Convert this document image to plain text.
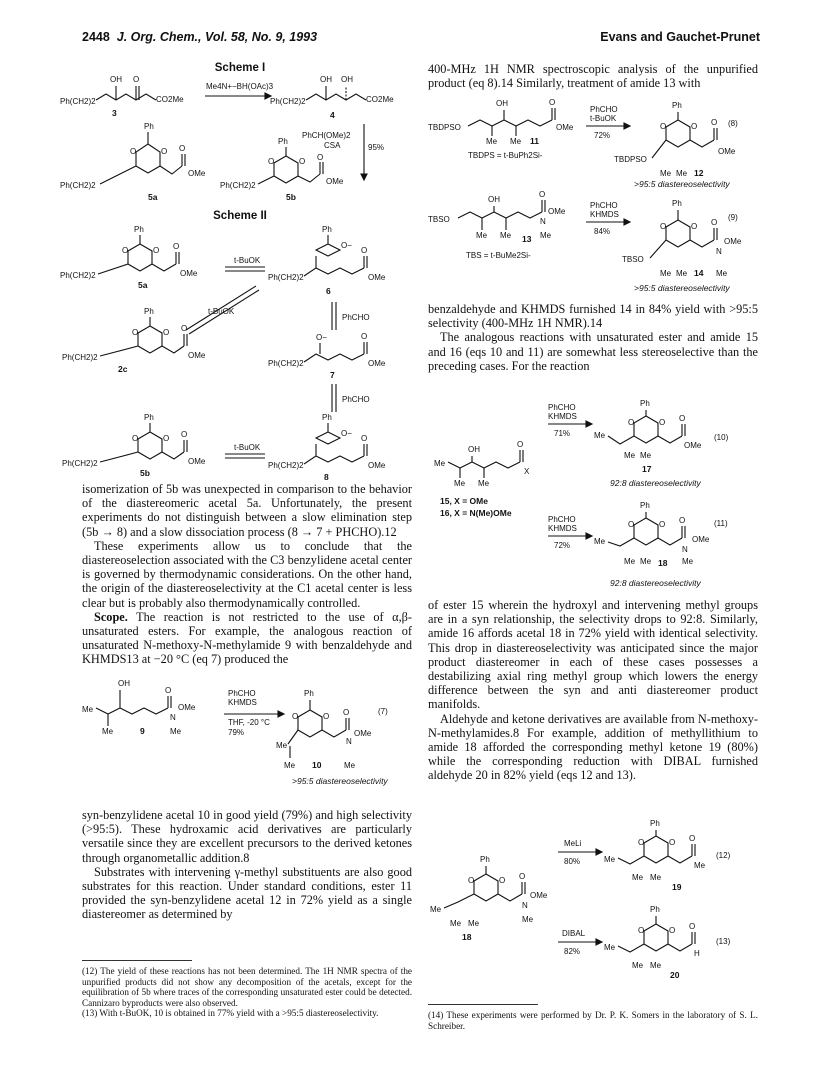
2448 J. Org. Chem., Vol. 58, No. 9, 1993	Evans and Gauchet-Prunet
Scheme I
Scheme II
Ph(CH2)2
OH O
CO2Me
3
Me4N+−BH(OAc)3
Ph(CH2)2
OH OH
CO2Me
4
PhCH(OMe)2
CSA	95%
Ph
O	O
Ph(CH2)2
O
OMe
5a
Ph
O	O
Ph(CH2)2
O
OMe
5b
Ph
O	O
Ph(CH2)2
O
OMe
5a
t-BuOK
Ph
O−
Ph(CH2)2
O
OMe
6
PhCHO
Ph
O	O
Ph(CH2)2
O
OMe
2c
t-BuOK
O−
Ph(CH2)2
O
OMe
7
PhCHO
Ph
O	O
Ph(CH2)2
O
OMe
5b
t-BuOK
Ph
O−
Ph(CH2)2
O
OMe
8

isomerization of 5b was unexpected in comparison to the behavior of the diastereomeric acetal 5a. Unfortunately, the present experiments do not distinguish between a slow elimination step (5b → 8) and a slow dissociation process (8 → 7 + PHCHO).12

These experiments allow us to conclude that the diastereoselection associated with the C3 benzylidene acetal center is governed by thermodynamic considerations. On the other hand, the origin of the diastereoselectivity at the C1 acetal center is less clear but is probably also thermodynamically controlled.

Scope. The reaction is not restricted to the use of α,β-unsaturated esters. For example, the analogous reaction of unsaturated N-methoxy-N-methylamide 9 with benzaldehyde and KHMDS13 at −20 °C (eq 7) produced the

OH
Me
Me
O
N
OMe
Me
9
PhCHO
KHMDS
THF, -20 °C
79%
Ph
O	O
Me
Me
O
N
OMe
Me
10
>95:5 diastereoselectivity
(7)

syn-benzylidene acetal 10 in good yield (79%) and high selectivity (>95:5). These hydroxamic acid derivatives are particularly versatile since they are excellent precursors to the derived ketones through organometallic addition.8

Substrates with intervening γ-methyl substituents are also good substrates for this reaction. Under standard conditions, ester 11 provided the syn-benzylidene acetal 12 in 72% yield as a single diastereomer as determined by

(12) The yield of these reactions has not been determined. The 1H NMR spectra of the unpurified products did not show any decomposition of the acetals, except for the equilibration of 5b where traces of the corresponding unsaturated ester could be detected. Cannizaro byproducts were also observed.

(13) With t-BuOK, 10 is obtained in 77% yield with a >95:5 diastereoselectivity.

400-MHz 1H NMR spectroscopic analysis of the unpurified product (eq 8).14 Similarly, treatment of amide 13 with

OH
TBDPSO
Me Me
O
OMe
11
TBDPS = t-BuPh2Si-
PhCHO
t-BuOK
72%
Ph
O	O
TBDPSO
O
OMe
Me Me 12
(8)
>95:5 diastereoselectivity
OH
TBSO
Me Me
O
N
OMe
Me
13
TBS = t-BuMe2Si-
PhCHO
KHMDS
84%
Ph
O	O
TBSO
O
N
OMe
Me Me 14 Me
(9)
>95:5 diastereoselectivity

benzaldehyde and KHMDS furnished 14 in 84% yield with >95:5 selectivity (400-MHz 1H NMR).14

The analogous reactions with unsaturated ester and amide 15 and 16 (eqs 10 and 11) are somewhat less stereoselective than the preceding cases. For the reaction

OH
Me
Me Me
O
X
15, X = OMe
16, X = N(Me)OMe
PhCHO
KHMDS
71%
Ph
O	O
Me
Me Me
O
OMe
17
92:8 diastereoselectivity
(10)
PhCHO
KHMDS
72%
Ph
O	O
Me
Me Me
O
N
OMe
Me
18
92:8 diastereoselectivity
(11)

of ester 15 wherein the hydroxyl and intervening methyl groups are in a syn relationship, the selectivity drops to 92:8. Similarly, amide 16 affords acetal 18 in 72% yield with identical selectivity. This drop in diastereoselectivity was anticipated since the major product diastereomer in each of these cases possesses a destabilizing axial ring methyl group which lowers the energy difference between the syn and anti diastereomer product manifolds.

Aldehyde and ketone derivatives are available from N-methoxy-N-methylamides.8 For example, addition of methyllithium to amide 18 afforded the corresponding methyl ketone 19 (80%) while the corresponding reduction with DIBAL furnished aldehyde 20 in 82% yield (eqs 12 and 13).

Ph
O	O
Me
Me Me
O
N
OMe
Me
18
MeLi
80%
Ph
O	O
Me
Me Me
O
Me
19
(12)
DIBAL
82%
Ph
O	O
Me
Me Me
O
H
20
(13)

(14) These experiments were performed by Dr. P. K. Somers in the laboratory of S. L. Schreiber.
